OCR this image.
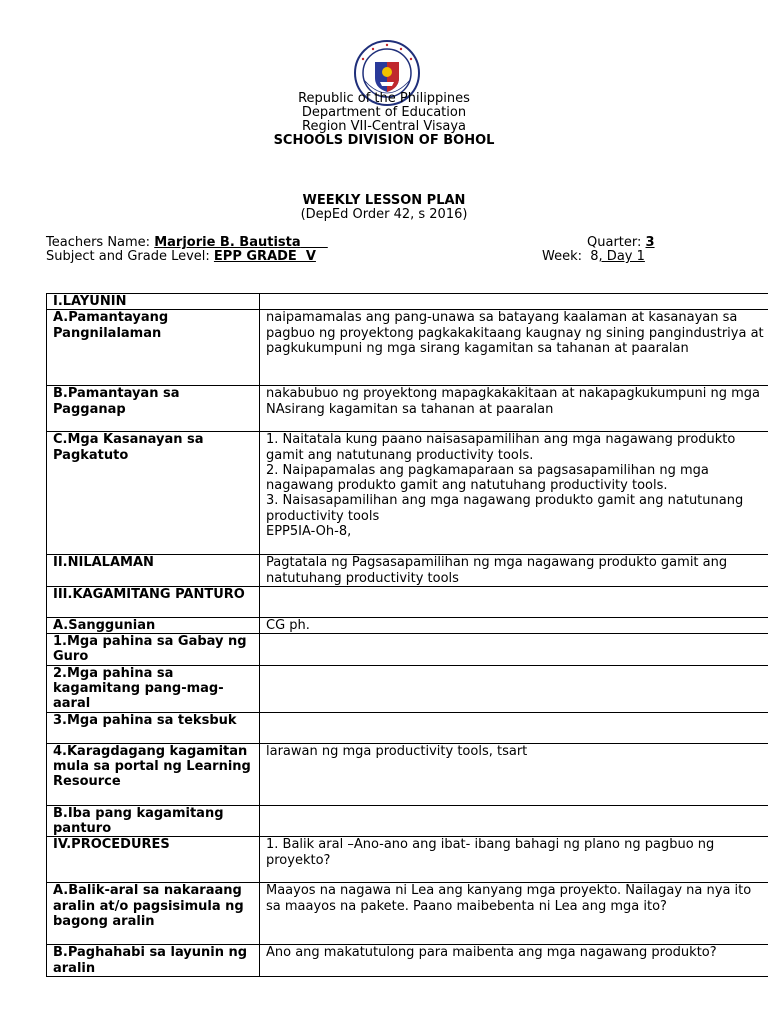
Republic of the Philippines
Department of Education
Region VII-Central Visaya
SCHOOLS DIVISION OF BOHOL
WEEKLY LESSON PLAN
(DepEd Order 42, s 2016)
Teachers Name: Marjorie B. Bautista
Subject and Grade Level: EPP GRADE  V
Quarter: 3
Week:  8, Day 1
I.LAYUNIN	
A.Pamantayang Pangnilalaman	naipamamalas ang pang-unawa sa batayang kaalaman at kasanayan sa pagbuo ng proyektong pagkakakitaang kaugnay ng sining pangindustriya at pagkukumpuni ng mga sirang kagamitan sa tahanan at paaralan
B.Pamantayan sa Pagganap	nakabubuo ng proyektong mapagkakakitaan at nakapagkukumpuni ng mga NAsirang kagamitan sa tahanan at paaralan
C.Mga Kasanayan sa Pagkatuto	1. Naitatala kung paano naisasapamilihan ang mga nagawang produkto gamit ang natutunang productivity tools.
2. Naipapamalas ang pagkamaparaan sa pagsasapamilihan ng mga nagawang produkto gamit ang natutuhang productivity tools.
3. Naisasapamilihan ang mga nagawang produkto gamit ang natutunang productivity tools
EPP5IA-Oh-8,
II.NILALAMAN	Pagtatala ng Pagsasapamilihan ng mga nagawang produkto gamit ang natutuhang productivity tools
III.KAGAMITANG PANTURO	
A.Sanggunian	CG ph.
1.Mga pahina sa Gabay ng Guro	
2.Mga pahina sa kagamitang pang-mag-aaral	
3.Mga pahina sa teksbuk	
4.Karagdagang kagamitan mula sa portal ng Learning Resource	larawan ng mga productivity tools, tsart
B.Iba pang kagamitang panturo	
IV.PROCEDURES	1. Balik aral –Ano-ano ang ibat- ibang bahagi ng plano ng pagbuo ng proyekto?
A.Balik-aral sa nakaraang aralin at/o pagsisimula ng bagong aralin	Maayos na nagawa ni Lea ang kanyang mga proyekto. Nailagay na nya ito sa maayos na pakete. Paano maibebenta ni Lea ang mga ito?
B.Paghahabi sa layunin ng aralin	Ano ang makatutulong para maibenta ang mga nagawang produkto?
